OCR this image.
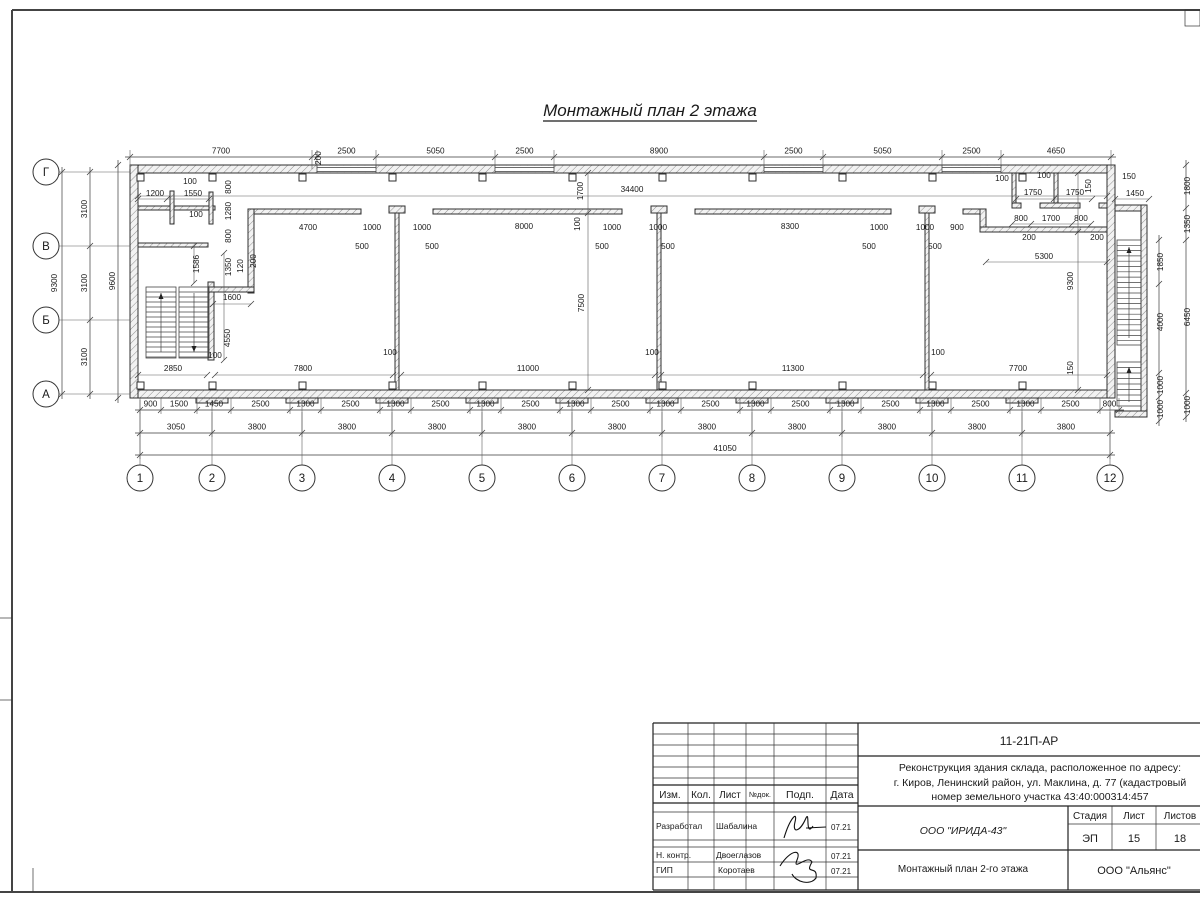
Монтажный план 2 этажа
7700	2500	5050	2500	8900	2500	5050	2500	4650
900 1500 1450	2500	1300	2500	1300	2500	1300	2500	1300	2500	1300	2500	1300	2500	1300	2500	1300	2500	1300	2500	800
3050	3800	3800	3800	3800	3800	3800	3800	3800	3800	3800
41050
100
1200 1550
100
800
1280
800
1350 120 200
1586
1600
4550
100
200
4700	1000
500
1000
500
8000	100
1700	34400
1000
500
1000
500
8300	1000
500
1000
500
900
7500
100
2850	7800	11000
100
11300
100
7700
5300
9300
150
100	100
1750	1750 150
150
1450
800 1700 800
200	200
1800
1350
1850
4000 6450
1000
1000 1000
9300
3100
3100
3100
9600
1	2	3	4	5	6	7	8	9	10	11	12
Г
В
Б
А
11-21П-АР
Реконструкция здания склада, расположенное по адресу:
г. Киров, Ленинский район, ул. Маклина, д. 77 (кадастровый
номер земельного участка 43:40:000314:457
Изм. Кол. Лист №док. Подп. Дата
Разработал Шабалина	07.21
Н. контр.	Двоеглазов	07.21
ГИП	Коротаев	07.21
ООО "ИРИДА-43"
Стадия Лист Листов
ЭП	15	18
Монтажный план 2-го этажа	ООО "Альянс"
